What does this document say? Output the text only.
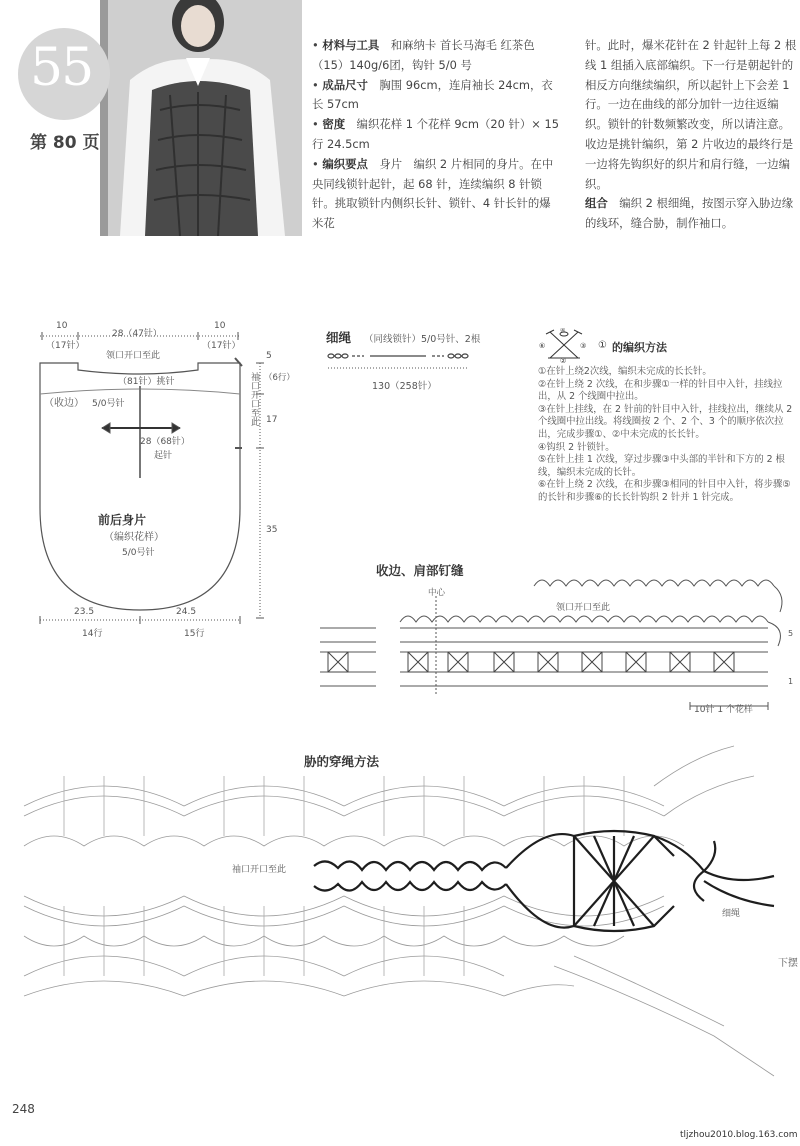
55
第 80 页
• 材料与工具　 和麻纳卡 首长马海毛 红茶色（15）140g/6团，钩针 5/0 号
• 成品尺寸　 胸围 96cm，连肩袖长 24cm，衣长 57cm
• 密度　 编织花样 1 个花样 9cm（20 针）× 15 行 24.5cm
• 编织要点　 身片　编织 2 片相同的身片。在中央同线锁针起针，起 68 针，连续编织 8 针锁针。挑取锁针内侧织长针、锁针、4 针长针的爆米花
针。此时，爆米花针在 2 针起针上每 2 根线 1 组插入底部编织。下一行是朝起针的相反方向继续编织，所以起针上下会差 1 行。一边在曲线的部分加针一边往返编织。锁针的针数频繁改变，所以请注意。收边是挑针编织，第 2 片收边的最终行是一边将先钩织好的织片和肩行缝，一边编织。
组合　 编织 2 根细绳，按图示穿入胁边缘的线环，缝合胁，制作袖口。
10
（17针）
28（47针）
10
（17针）
领口开口至此
（81针）挑针
（收边） 5/0号针
28（68针）
起针
5
（6行）
17
35
前后身片
（编织花样）
5/0号针
23.5	24.5
14行	15行
袖口开口至此
细绳 （同线锁针）5/0号针、2根
130（258针）
⑥	③
④
②
① 的编织方法
①在针上绕2次线，编织未完成的长长针。
②在针上绕 2 次线，在和步骤①一样的针目中入针，挂线拉出，从 2 个线圈中拉出。
③在针上挂线，在 2 针前的针目中入针，挂线拉出，继续从 2 个线圈中拉出线。将线圈按 2 个、2 个、3 个的顺序依次拉出，完成步骤①、②中未完成的长长针。
④钩织 2 针锁针。
⑤在针上挂 1 次线，穿过步骤③中头部的半针和下方的 2 根线，编织未完成的长针。
⑥在针上绕 2 次线，在和步骤③相同的针目中入针，将步骤⑤的长针和步骤⑥的长长针钩织 2 针并 1 针完成。
收边、肩部钉缝
5
1
中心
领口开口至此
10针 1 个花样
胁的穿绳方法
袖口开口至此
细绳
下摆
248
tljzhou2010.blog.163.com
